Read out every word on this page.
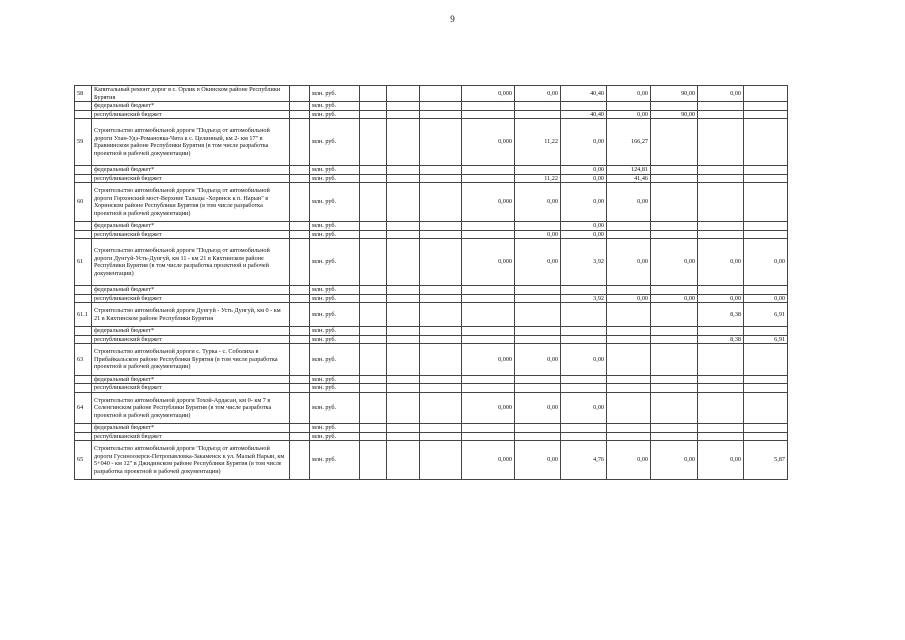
9
58	Капитальный ремонт дорог в с. Орлик в Окинском районе Республики Бурятия		млн. руб.				0,000	0,00	40,40	0,00	90,00	0,00	
	федеральный бюджет*		млн. руб.										
	республиканский бюджет		млн. руб.						40,40	0,00	90,00		
59	Строительство автомобильной дороги "Подъезд от автомобильной дороги Улан-Удэ-Романовка-Чита к с. Целинный, км 2- км 17" в Еравнинском районе Республики Бурятия (в том числе разработка проектной и рабочей документации)		млн. руб.				0,000	11,22	0,00	166,27			
	федеральный бюджет*		млн. руб.						0,00	124,81			
	республиканский бюджет		млн. руб.					11,22	0,00	41,46			
60	Строительство автомобильной дороги "Подъезд от автомобильной дороги Горхонский мост-Верхние Тальцы -Хоринск к п. Нарын" в Хоринском районе Республики Бурятия (в том числе разработка проектной и рабочей документации)		млн. руб.				0,000	0,00	0,00	0,00			
	федеральный бюджет*		млн. руб.						0,00				
	республиканский бюджет		млн. руб.					0,00	0,00				
61	Строительство автомобильной дороги "Подъезд от автомобильной дороги Дунгуй-Усть-Дунгуй, км 11 - км 21 в Кяхтинском районе Республики Бурятия (в том числе разработка проектной и рабочей документации)		млн. руб.				0,000	0,00	3,92	0,00	0,00	0,00	0,00
	федеральный бюджет*		млн. руб.										
	республиканский бюджет		млн. руб.						3,92	0,00	0,00	0,00	0,00
61.1	Строительство автомобильной дороги Дунгуй - Усть Дунгуй, км 0 - км 21 в Кяхтинском районе Республики Бурятия		млн. руб.									8,38	6,91
	федеральный бюджет*		млн. руб.										
	республиканский бюджет		млн. руб.									8,38	6,91
63	Строительство автомобильной дороги с. Турка - с. Соболиха в Прибайкальском районе Республики Бурятия (в том числе разработка проектной и рабочей документации)		млн. руб.				0,000	0,00	0,00				
	федеральный бюджет*		млн. руб.										
	республиканский бюджет		млн. руб.										
64	Строительство автомобильной дороги Тохой-Ардасан, км 0- км 7 в Селенгинском районе Республики Бурятия (в том числе разработка проектной и рабочей документации)		млн. руб.				0,000	0,00	0,00				
	федеральный бюджет*		млн. руб.										
	республиканский бюджет		млн. руб.										
65	Строительство автомобильной дороги "Подъезд от автомобильной дороги Гусиноозерск-Петропавловка-Закаменск к ул. Малый Нарын, км 5+040 - км 12" в Джидинском районе Республики Бурятия (в том числе разработка проектной и рабочей документации)		млн. руб.				0,000	0,00	4,76	0,00	0,00	0,00	5,87
